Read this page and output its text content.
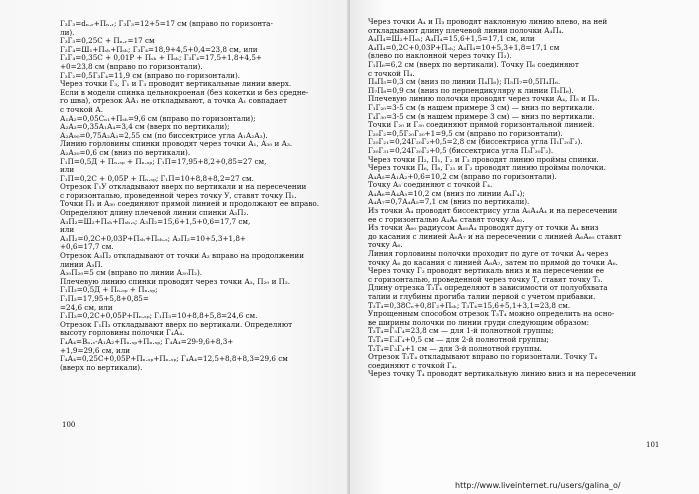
Г₃Г₃=dₙ.ᵣ+Пₙ.ᵣ; Г₃Г₃=12+5=17 см (вправо по горизонта-
ли).
Г₃Г₃=0,25С + Пₙ.ᵣ=17 см
Г₃Г₄=Ш₁+Пₛₕ+Пₛₕ; Г₃Г₄=18,9+4,5+0,4=23,8 см, или
Г₃Г₄=0,35С + 0,01Р + Пₛₕ + Пₛₕ; Г₃Г₄=17,5+1,8+4,5+
+0=23,8 см (вправо по горизонтали).
Г₃Г₂=0,5Г₃Г₄=11,9 см (вправо по горизонтали).
Через точки Г₃, Г₁ и Г₃ проводят вертикальные линии вверх.
Если в модели спинка цельнокроеная (без кокетки и без средне-
го шва), отрезок АА₁ не откладывают, а точка А₁ совпадает
с точкой А.
А₁А₂=0,05Сₙ₁+Пₛₕ=9,6 см (вправо по горизонтали);
А₂А₃=0,35А₁А₄=3,4 см (вверх по вертикали);
А₂А₉₀=0,75А₂А₃=2,55 см (по биссектрисе угла А₁А₂А₃).
Линию горловины спинки проводят через точки А₁, А₃₀ и А₃.
А₂А₃₀=0,6 см (вниз по вертикали).
Г₁П=0,5Д + Пₙ.ₛₚ + Пₙ.ₛₚ; Г₁П=17,95+8,2+0,85=27 см,
или
Г₁П=0,2С + 0,05Р + Пₙ.ₛₚ; Г₁П=10+8,8+8,2=27 см.
Отрезок Г₁У откладывают вверх по вертикали и на пересечении
с горизонталью, проведенной через точку У, ставят точку П₁.
Точки П₁ и А₃₀ соединяют прямой линией и продолжают ее вправо.
Определяют длину плечевой линии спинки А₃П₂.
А₃П₂=Ш₂+Пₛₕ+Пₛₕ.ₛ; А₃П₂=15,6+1,5+0,6=17,7 см,
или
А₃П₂=0,2С+0,03Р+Пₛₕ+Пₛₕ.ₛ; А₃П₂=10+5,3+1,8+
+0,6=17,7 см.
Отрезок А₃П₂ откладывают от точки А₃ вправо на продолжении
линии А₃П.
А₃₀П₂₀=5 см (вправо по линии А₃₀П₂).
Плечевую линию спинки проводят через точки А₃, П₂₀ и П₂.
Г₁П₃=0,5Д + Пₙ.ₛₚ + Пₙ.ₛₚ;
Г₁П₃=17,95+5,8+0,85=
=24,6 см, или
Г₁П₃=0,2С+0,05Р+Пₙ.ₛₚ; Г₁П₃=10+8,8+5,8=24,6 см.
Отрезок Г₁П₃ откладывают вверх по вертикали. Определяют
высоту горловины полочки Г₄А₄.
Г₄А₄=Вₙ.ₛ-А₁А₂+Пₙ.ₛₚ+Пₙ.ₛₚ; Г₄А₄=29-9,6+8,3+
+1,9=29,6 см, или
Г₄А₄=0,25С+0,05Р+Пₙ.ₛₚ+Пₙ.ₛₚ; Г₄А₄=12,5+8,8+8,3=29,6 см
(вверх по вертикали).
100
Через точки А₄ и П₃ проводят наклонную линию влево, на ней
откладывают длину плечевой линии полочки А₄П₄.
А₄П₄=Ш₂+Пₛₕ; А₄П₄=15,6+1,5=17,1 см, или
А₄П₄=0,2С+0,03Р+Пₛₕ; А₄П₄=10+5,3+1,8=17,1 см
(влево по наклонной через точку П₃).
Г₁П₆=6,2 см (вверх по вертикали). Точку П₆ соединяют
с точкой П₄.
П₄П₅=0,3 см (вниз по линии П₄П₆); П₅П₇=0,5П₄П₆.
П₇П₈=0,9 см (вниз по перпендикуляру к линии П₅П₆).
Плечевую линию полочки проводят через точки А₄, П₅ и П₆.
Г₁Г₂₀=3-5 см (в нашем примере 3 см) — вниз по вертикали.
Г₄Г₃₀=3-5 см (в нашем примере 3 см) — вниз по вертикали.
Точки Г₂₀ и Г₃₀ соединяют прямой горизонтальной линией.
Г₂₀Г₂=0,5Г₂₀Г₃₀+1=9,5 см (вправо по горизонтали).
Г₂₀Г₂₁=0,24Г₂₀Г₂+0,5=2,8 см (биссектриса угла П₁Г₂₀Г₂).
Г₃₀Г₃₁=0,24Г₃₀Г₂+0,5 (биссектриса угла П₃Г₃₀Г₂).
Через точки П₂, П₁, Г₂ и Г₃ проводят линию проймы спинки.
Через точки П₆, П₈, Г₃₁ и Г₂ проводят линию проймы полочки.
А₄А₅=А₁А₂+0,6=10,2 см (вправо по горизонтали).
Точку А₅ соединяют с точкой Г₄.
А₄А₆=А₄А₅=10,2 см (вниз по линии А₄Г₄);
А₄А₇=0,7А₄А₅=7,1 см (вниз по вертикали).
Из точки А₄ проводят биссектрису угла А₆А₄А₄ и на пересечении
ее с горизонталью А₄А₆ ставят точку А₆₀.
Из точки А₆₀ радиусом А₆₀А₄ проводят дугу от точки А₄ вниз
до касания с линией А₆А₇ и на пересечении с линией А₆А₆₀ ставят
точку А₆.
Линия горловины полочки проходит по дуге от точки А₄ через
точку А₆ до касания с линией А₆А₇, затем по прямой до точки А₆.
Через точку Г₃ проводят вертикаль вниз и на пересечении ее
с горизонталью, проведенной через точку Т, ставят точку Т₃.
Длину отрезка Т₃Т₄ определяют в зависимости от полуобхвата
талии и глубины прогиба талии первой с учетом прибавки.
Т₃Т₄=0,38Сₙ+0,8Г₂+Пₛₕ; Т₃Т₄=15,6+5,1+3,1=23,8 см.
Упрощенным способом отрезок Т₃Т₄ можно определить на осно-
ве ширины полочки по линии груди следующим образом:
Т₃Т₄=Г₃Г₄=23,8 см — для 1-й полнотной группы;
Т₃Т₄=Г₃Г₄+0,5 см — для 2-й полнотной группы;
Т₃Т₄=Г₃Г₄+1 см — для 3-й полнотной группы.
Отрезок Т₃Т₄ откладывают вправо по горизонтали. Точку Т₄
соединяют с точкой Г₄.
Через точку Т₄ проводят вертикальную линию вниз и на пересечении
101
http://www.liveinternet.ru/users/galina_o/
